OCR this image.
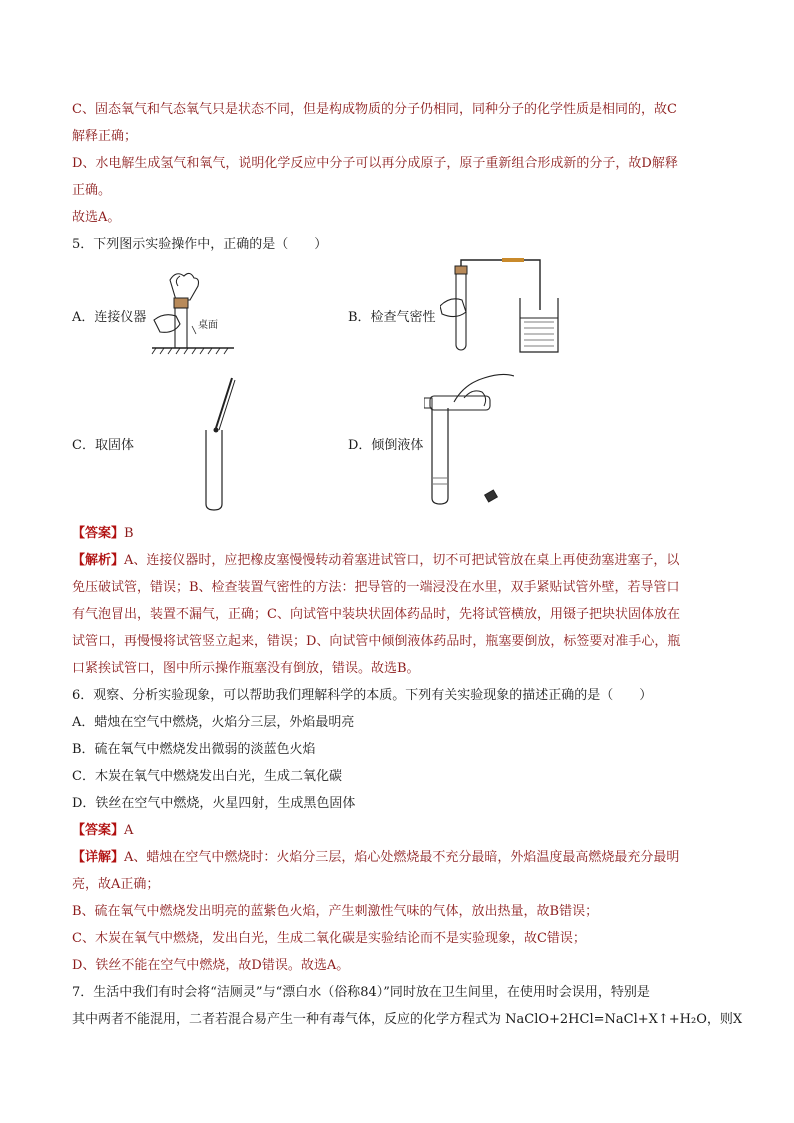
C、固态氧气和气态氧气只是状态不同，但是构成物质的分子仍相同，同种分子的化学性质是相同的，故C
解释正确；
D、水电解生成氢气和氧气，说明化学反应中分子可以再分成原子，原子重新组合形成新的分子，故D解释
正确。
故选A。
5．下列图示实验操作中，正确的是（　　）
A．连接仪器	B．检查气密性
C．取固体	D．倾倒液体
桌面
【答案】B
【解析】A、连接仪器时，应把橡皮塞慢慢转动着塞进试管口，切不可把试管放在桌上再使劲塞进塞子，以
免压破试管，错误；B、检查装置气密性的方法：把导管的一端浸没在水里，双手紧贴试管外壁，若导管口
有气泡冒出，装置不漏气，正确；C、向试管中装块状固体药品时，先将试管横放，用镊子把块状固体放在
试管口，再慢慢将试管竖立起来，错误；D、向试管中倾倒液体药品时，瓶塞要倒放，标签要对准手心，瓶
口紧挨试管口，图中所示操作瓶塞没有倒放，错误。故选B。
6．观察、分析实验现象，可以帮助我们理解科学的本质。下列有关实验现象的描述正确的是（　　）
A．蜡烛在空气中燃烧，火焰分三层，外焰最明亮
B．硫在氧气中燃烧发出微弱的淡蓝色火焰
C．木炭在氧气中燃烧发出白光，生成二氧化碳
D．铁丝在空气中燃烧，火星四射，生成黑色固体
【答案】A
【详解】A、蜡烛在空气中燃烧时：火焰分三层，焰心处燃烧最不充分最暗，外焰温度最高燃烧最充分最明
亮，故A正确；
B、硫在氧气中燃烧发出明亮的蓝紫色火焰，产生刺激性气味的气体，放出热量，故B错误；
C、木炭在氧气中燃烧，发出白光，生成二氧化碳是实验结论而不是实验现象，故C错误；
D、铁丝不能在空气中燃烧，故D错误。故选A。
7．生活中我们有时会将“洁厕灵”与“漂白水（俗称84）”同时放在卫生间里，在使用时会误用，特别是
其中两者不能混用，二者若混合易产生一种有毒气体，反应的化学方程式为 NaClO+2HCl=NaCl+X↑+H₂O，则X
